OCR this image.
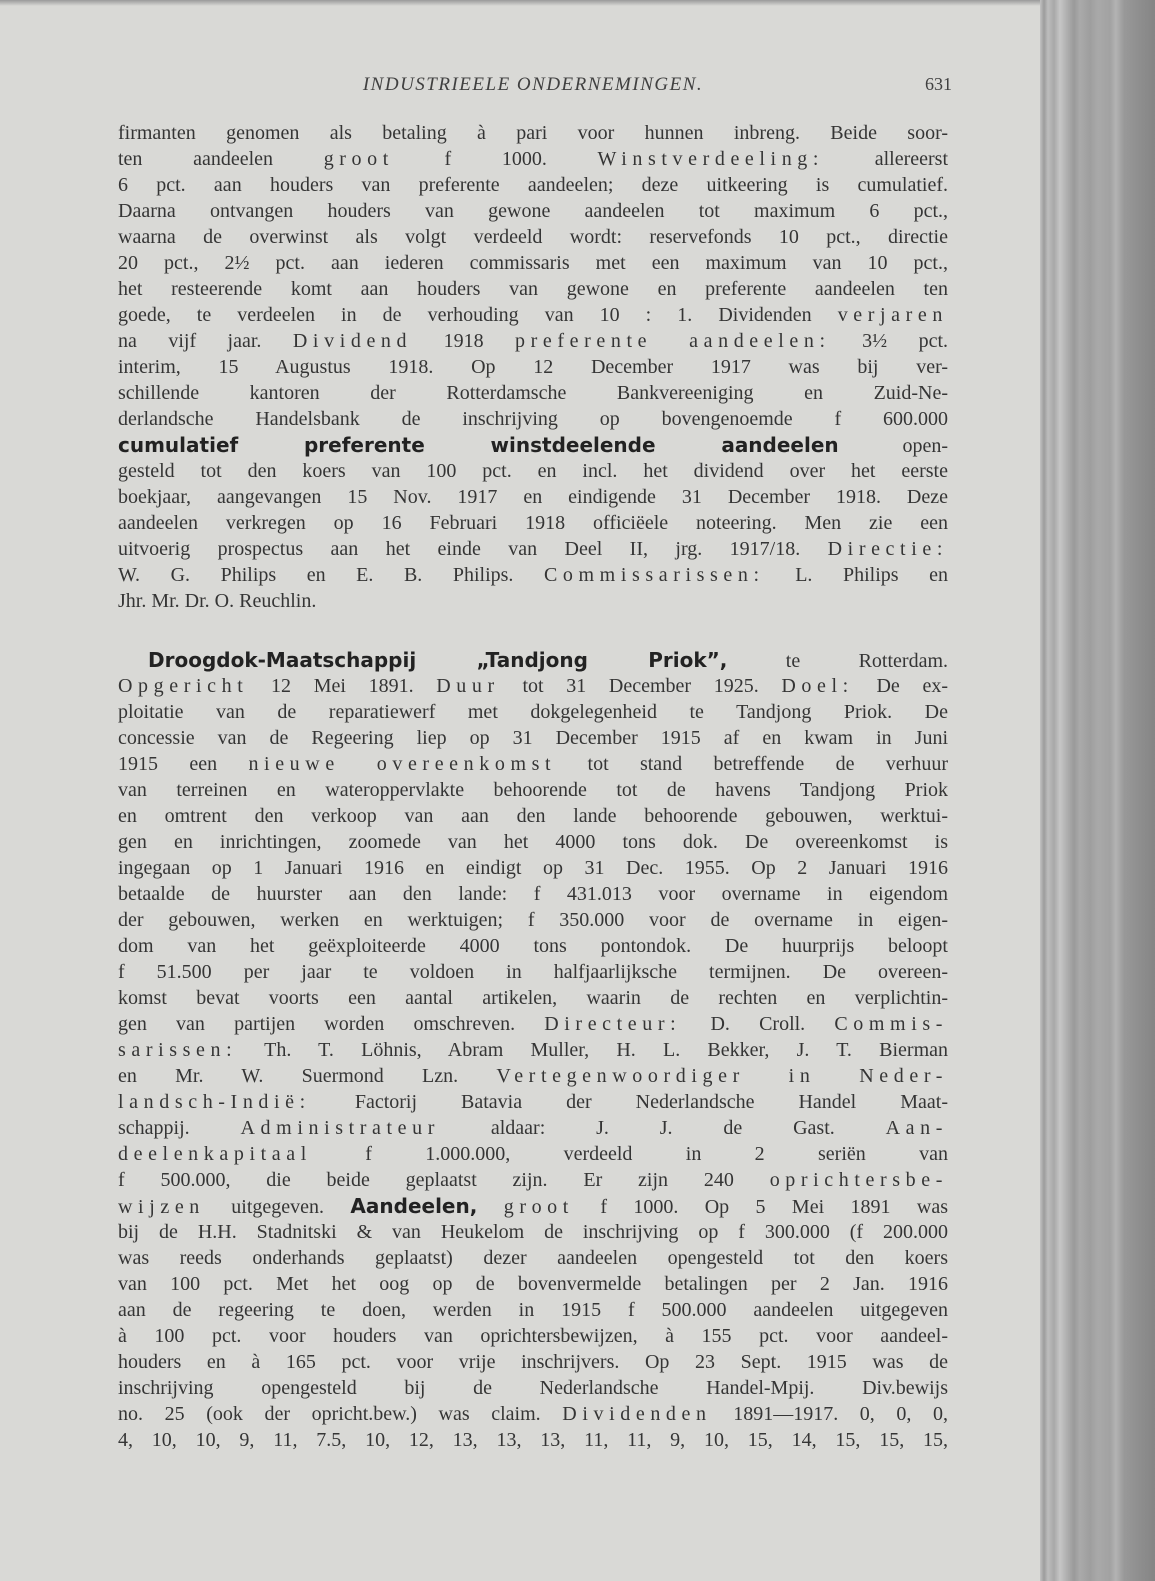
INDUSTRIEELE ONDERNEMINGEN.	631
firmanten genomen als betaling à pari voor hunnen inbreng. Beide soor-
ten aandeelen groot f 1000. Winstverdeeling: allereerst
6 pct. aan houders van preferente aandeelen; deze uitkeering is cumulatief.
Daarna ontvangen houders van gewone aandeelen tot maximum 6 pct.,
waarna de overwinst als volgt verdeeld wordt: reservefonds 10 pct., directie
20 pct., 2½ pct. aan iederen commissaris met een maximum van 10 pct.,
het resteerende komt aan houders van gewone en preferente aandeelen ten
goede, te verdeelen in de verhouding van 10 : 1. Dividenden verjaren
na vijf jaar. Dividend 1918 preferente aandeelen: 3½ pct.
interim, 15 Augustus 1918. Op 12 December 1917 was bij ver-
schillende kantoren der Rotterdamsche Bankvereeniging en Zuid-Ne-
derlandsche Handelsbank de inschrijving op bovengenoemde f 600.000
cumulatief preferente winstdeelende aandeelen open-
gesteld tot den koers van 100 pct. en incl. het dividend over het eerste
boekjaar, aangevangen 15 Nov. 1917 en eindigende 31 December 1918. Deze
aandeelen verkregen op 16 Februari 1918 officiëele noteering. Men zie een
uitvoerig prospectus aan het einde van Deel II, jrg. 1917/18. Directie:
W. G. Philips en E. B. Philips. Commissarissen: L. Philips en
Jhr. Mr. Dr. O. Reuchlin.
Droogdok-Maatschappij „Tandjong Priok”, te Rotterdam.
Opgericht 12 Mei 1891. Duur tot 31 December 1925. Doel: De ex-
ploitatie van de reparatiewerf met dokgelegenheid te Tandjong Priok. De
concessie van de Regeering liep op 31 December 1915 af en kwam in Juni
1915 een nieuwe overeenkomst tot stand betreffende de verhuur
van terreinen en wateroppervlakte behoorende tot de havens Tandjong Priok
en omtrent den verkoop van aan den lande behoorende gebouwen, werktui-
gen en inrichtingen, zoomede van het 4000 tons dok. De overeenkomst is
ingegaan op 1 Januari 1916 en eindigt op 31 Dec. 1955. Op 2 Januari 1916
betaalde de huurster aan den lande: f 431.013 voor overname in eigendom
der gebouwen, werken en werktuigen; f 350.000 voor de overname in eigen-
dom van het geëxploiteerde 4000 tons pontondok. De huurprijs beloopt
f 51.500 per jaar te voldoen in halfjaarlijksche termijnen. De overeen-
komst bevat voorts een aantal artikelen, waarin de rechten en verplichtin-
gen van partijen worden omschreven. Directeur: D. Croll. Commis-
sarissen: Th. T. Löhnis, Abram Muller, H. L. Bekker, J. T. Bierman
en Mr. W. Suermond Lzn. Vertegenwoordiger in Neder-
landsch-Indië: Factorij Batavia der Nederlandsche Handel Maat-
schappij. Administrateur aldaar: J. J. de Gast. Aan-
deelenkapitaal f 1.000.000, verdeeld in 2 seriën van
f 500.000, die beide geplaatst zijn. Er zijn 240 oprichtersbe-
wijzen uitgegeven. Aandeelen, groot f 1000. Op 5 Mei 1891 was
bij de H.H. Stadnitski & van Heukelom de inschrijving op f 300.000 (f 200.000
was reeds onderhands geplaatst) dezer aandeelen opengesteld tot den koers
van 100 pct. Met het oog op de bovenvermelde betalingen per 2 Jan. 1916
aan de regeering te doen, werden in 1915 f 500.000 aandeelen uitgegeven
à 100 pct. voor houders van oprichtersbewijzen, à 155 pct. voor aandeel-
houders en à 165 pct. voor vrije inschrijvers. Op 23 Sept. 1915 was de
inschrijving opengesteld bij de Nederlandsche Handel-Mpij. Div.bewijs
no. 25 (ook der opricht.bew.) was claim. Dividenden 1891—1917. 0, 0, 0,
4, 10, 10, 9, 11, 7.5, 10, 12, 13, 13, 13, 11, 11, 9, 10, 15, 14, 15, 15, 15,
